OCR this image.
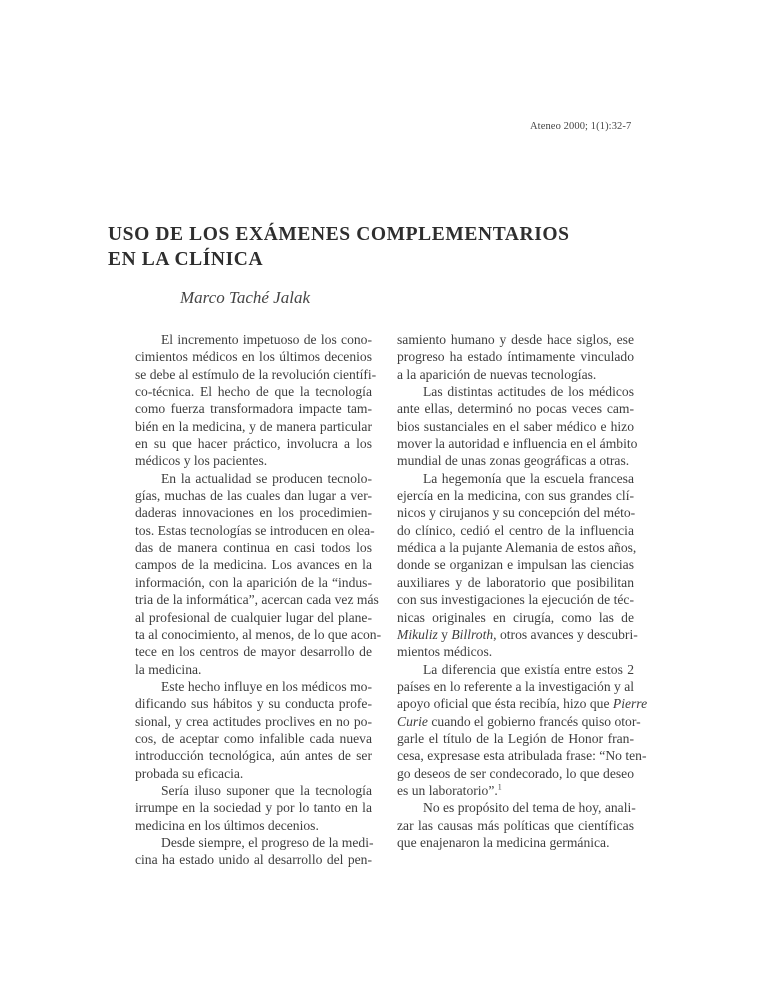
Ateneo 2000; 1(1):32-7
USO DE LOS EXÁMENES COMPLEMENTARIOS
EN LA CLÍNICA
Marco Taché Jalak
El incremento impetuoso de los cono-
cimientos médicos en los últimos decenios
se debe al estímulo de la revolución científi-
co-técnica. El hecho de que la tecnología
como fuerza transformadora impacte tam-
bién en la medicina, y de manera particular
en su que hacer práctico, involucra a los
médicos y los pacientes.
En la actualidad se producen tecnolo-
gías, muchas de las cuales dan lugar a ver-
daderas innovaciones en los procedimien-
tos. Estas tecnologías se introducen en olea-
das de manera continua en casi todos los
campos de la medicina. Los avances en la
información, con la aparición de la “indus-
tria de la informática”, acercan cada vez más
al profesional de cualquier lugar del plane-
ta al conocimiento, al menos, de lo que acon-
tece en los centros de mayor desarrollo de
la medicina.
Este hecho influye en los médicos mo-
dificando sus hábitos y su conducta profe-
sional, y crea actitudes proclives en no po-
cos, de aceptar como infalible cada nueva
introducción tecnológica, aún antes de ser
probada su eficacia.
Sería iluso suponer que la tecnología
irrumpe en la sociedad y por lo tanto en la
medicina en los últimos decenios.
Desde siempre, el progreso de la medi-
cina ha estado unido al desarrollo del pen-
samiento humano y desde hace siglos, ese
progreso ha estado íntimamente vinculado
a la aparición de nuevas tecnologías.
Las distintas actitudes de los médicos
ante ellas, determinó no pocas veces cam-
bios sustanciales en el saber médico e hizo
mover la autoridad e influencia en el ámbito
mundial de unas zonas geográficas a otras.
La hegemonía que la escuela francesa
ejercía en la medicina, con sus grandes clí-
nicos y cirujanos y su concepción del méto-
do clínico, cedió el centro de la influencia
médica a la pujante Alemania de estos años,
donde se organizan e impulsan las ciencias
auxiliares y de laboratorio que posibilitan
con sus investigaciones la ejecución de téc-
nicas originales en cirugía, como las de
Mikuliz y Billroth, otros avances y descubri-
mientos médicos.
La diferencia que existía entre estos 2
países en lo referente a la investigación y al
apoyo oficial que ésta recibía, hizo que Pierre
Curie cuando el gobierno francés quiso otor-
garle el título de la Legión de Honor fran-
cesa, expresase esta atribulada frase: “No ten-
go deseos de ser condecorado, lo que deseo
es un laboratorio”.$^1$
No es propósito del tema de hoy, anali-
zar las causas más políticas que científicas
que enajenaron la medicina germánica.
